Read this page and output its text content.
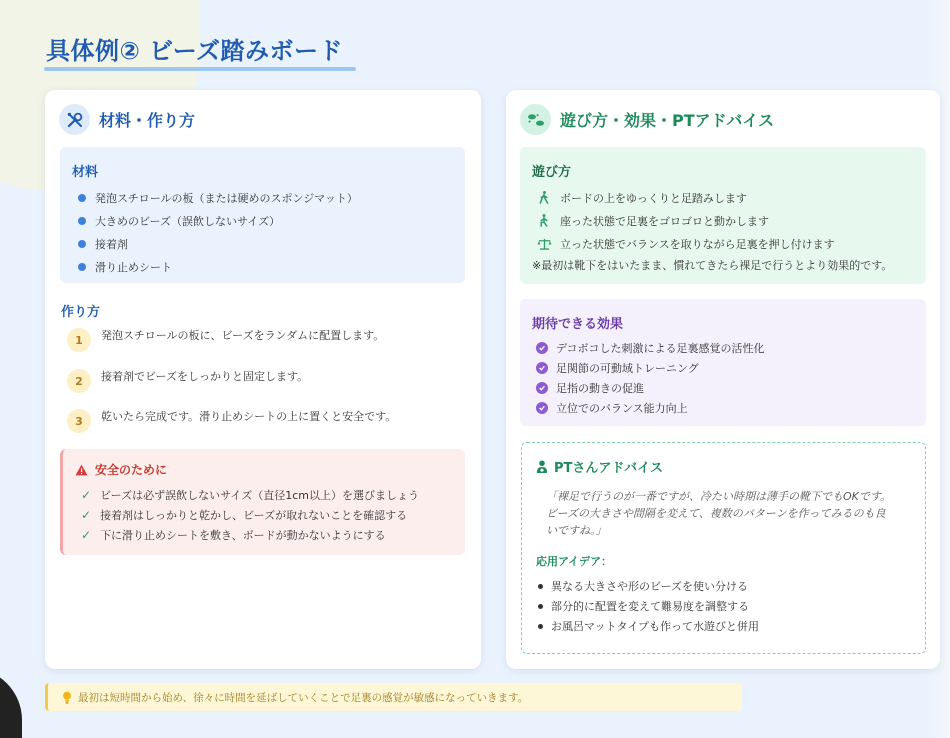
具体例② ビーズ踏みボード
材料・作り方
材料
発泡スチロールの板（または硬めのスポンジマット）
大きめのビーズ（誤飲しないサイズ）
接着剤
滑り止めシート
作り方
1	発泡スチロールの板に、ビーズをランダムに配置します。
2	接着剤でビーズをしっかりと固定します。
3	乾いたら完成です。滑り止めシートの上に置くと安全です。
安全のために
✓ ビーズは必ず誤飲しないサイズ（直径1cm以上）を選びましょう
✓ 接着剤はしっかりと乾かし、ビーズが取れないことを確認する
✓ 下に滑り止めシートを敷き、ボードが動かないようにする
遊び方・効果・PTアドバイス
遊び方
ボードの上をゆっくりと足踏みします
座った状態で足裏をゴロゴロと動かします
立った状態でバランスを取りながら足裏を押し付けます
※最初は靴下をはいたまま、慣れてきたら裸足で行うとより効果的です。
期待できる効果
デコボコした刺激による足裏感覚の活性化
足関節の可動域トレーニング
足指の動きの促進
立位でのバランス能力向上
PTさんアドバイス

「裸足で行うのが一番ですが、冷たい時期は薄手の靴下でもOKです。ビーズの大きさや間隔を変えて、複数のパターンを作ってみるのも良いですね。」

応用アイデア：
異なる大きさや形のビーズを使い分ける
部分的に配置を変えて難易度を調整する
お風呂マットタイプも作って水遊びと併用
最初は短時間から始め、徐々に時間を延ばしていくことで足裏の感覚が敏感になっていきます。
